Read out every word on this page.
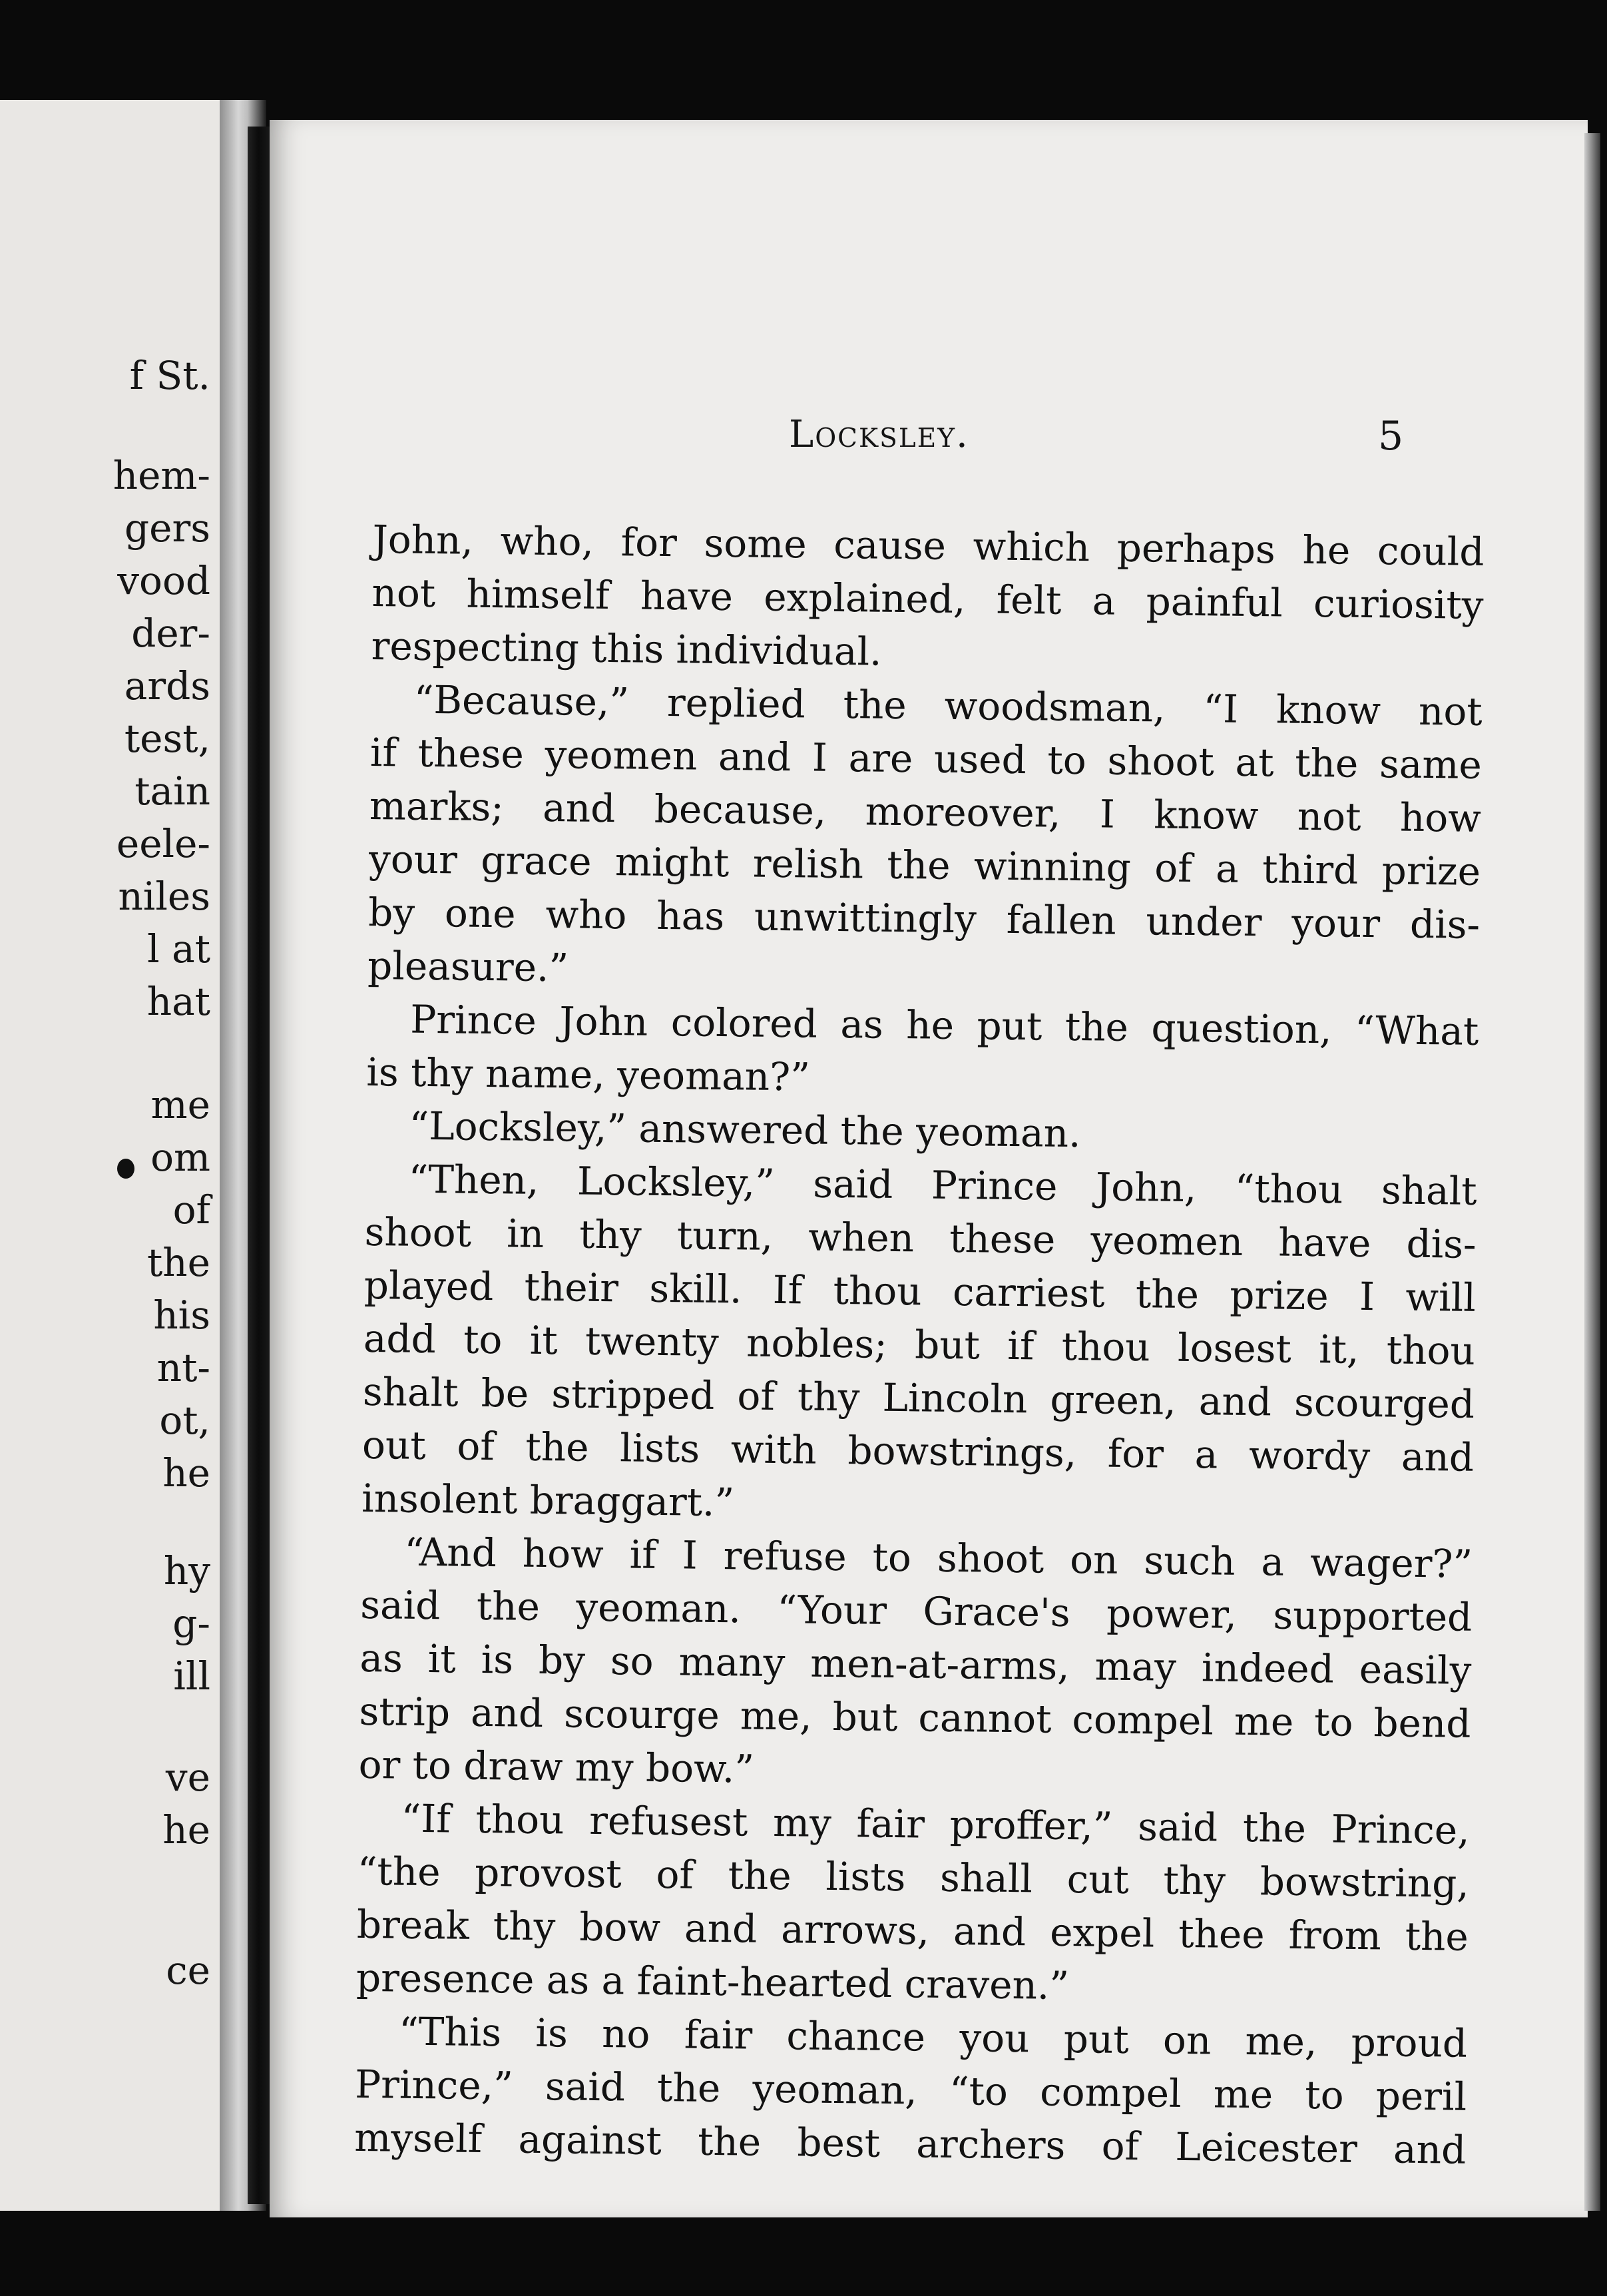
f St.
hem-
gers
vood
der-
ards
test,
tain
eele-
niles
l at
hat
me
om
of
the
his
nt-
ot,
he
hy
g-
ill
ve
he
ce
Locksley.	5
John, who, for some cause which perhaps he could
not himself have explained, felt a painful curiosity
respecting this individual.
“Because,” replied the woodsman, “I know not
if these yeomen and I are used to shoot at the same
marks; and because, moreover, I know not how
your grace might relish the winning of a third prize
by one who has unwittingly fallen under your dis-
pleasure.”
Prince John colored as he put the question, “What
is thy name, yeoman?”
“Locksley,” answered the yeoman.
“Then, Locksley,” said Prince John, “thou shalt
shoot in thy turn, when these yeomen have dis-
played their skill. If thou carriest the prize I will
add to it twenty nobles; but if thou losest it, thou
shalt be stripped of thy Lincoln green, and scourged
out of the lists with bowstrings, for a wordy and
insolent braggart.”
“And how if I refuse to shoot on such a wager?”
said the yeoman. “Your Grace's power, supported
as it is by so many men-at-arms, may indeed easily
strip and scourge me, but cannot compel me to bend
or to draw my bow.”
“If thou refusest my fair proffer,” said the Prince,
“the provost of the lists shall cut thy bowstring,
break thy bow and arrows, and expel thee from the
presence as a faint-hearted craven.”
“This is no fair chance you put on me, proud
Prince,” said the yeoman, “to compel me to peril
myself against the best archers of Leicester and
